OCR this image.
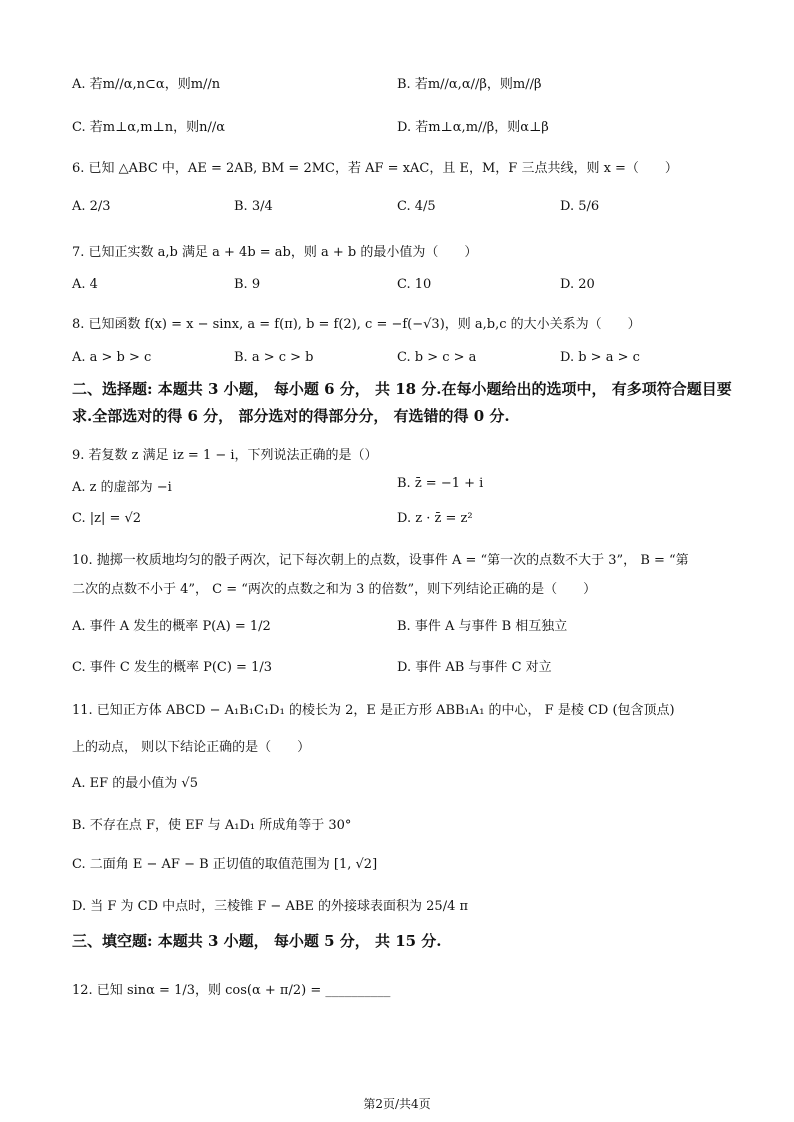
A. 若m//α,n⊂α，则m//n	B. 若m//α,α//β，则m//β
C. 若m⊥α,m⊥n，则n//α	D. 若m⊥α,m//β，则α⊥β
6. 已知 △ABC 中，AE = 2AB, BM = 2MC，若 AF = xAC，且 E，M，F 三点共线，则 x =（　　）
A. 2/3	B. 3/4	C. 4/5	D. 5/6
7. 已知正实数 a,b 满足 a + 4b = ab，则 a + b 的最小值为（　　）
A. 4	B. 9	C. 10	D. 20
8. 已知函数 f(x) = x − sinx, a = f(π), b = f(2), c = −f(−√3)，则 a,b,c 的大小关系为（　　）
A. a > b > c	B. a > c > b	C. b > c > a	D. b > a > c
二、选择题: 本题共 3 小题， 每小题 6 分， 共 18 分.在每小题给出的选项中， 有多项符合题目要求.全部选对的得 6 分， 部分选对的得部分分， 有选错的得 0 分.
9. 若复数 z 满足 iz = 1 − i，下列说法正确的是（）
A. z 的虚部为 −i	B. z̄ = −1 + i
C. |z| = √2	D. z · z̄ = z²
10. 抛掷一枚质地均匀的骰子两次，记下每次朝上的点数，设事件 A = “第一次的点数不大于 3”， B = “第
二次的点数不小于 4”， C = “两次的点数之和为 3 的倍数”，则下列结论正确的是（　　）
A. 事件 A 发生的概率 P(A) = 1/2	B. 事件 A 与事件 B 相互独立
C. 事件 C 发生的概率 P(C) = 1/3	D. 事件 AB 与事件 C 对立
11. 已知正方体 ABCD − A₁B₁C₁D₁ 的棱长为 2，E 是正方形 ABB₁A₁ 的中心， F 是棱 CD (包含顶点)
上的动点， 则以下结论正确的是（　　）
A. EF 的最小值为 √5
B. 不存在点 F，使 EF 与 A₁D₁ 所成角等于 30°
C. 二面角 E − AF − B 正切值的取值范围为 [1, √2]
D. 当 F 为 CD 中点时，三棱锥 F − ABE 的外接球表面积为 25/4 π
三、填空题: 本题共 3 小题， 每小题 5 分， 共 15 分.
12. 已知 sinα = 1/3，则 cos(α + π/2) = __________
第2页/共4页
